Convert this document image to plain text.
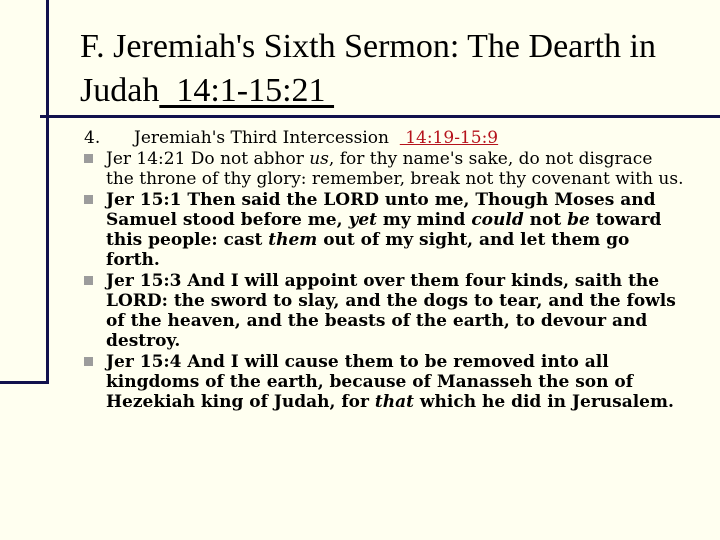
F. Jeremiah's Sixth Sermon: The Dearth in Judah  14:1-15:21
4. Jeremiah's Third Intercession   14:19-15:9
Jer 14:21 Do not abhor us, for thy name's sake, do not disgrace the throne of thy glory: remember, break not thy covenant with us.
Jer 15:1 Then said the LORD unto me, Though Moses and Samuel stood before me, yet my mind could not be toward this people: cast them out of my sight, and let them go forth.
Jer 15:3 And I will appoint over them four kinds, saith the LORD: the sword to slay, and the dogs to tear, and the fowls of the heaven, and the beasts of the earth, to devour and destroy.
Jer 15:4 And I will cause them to be removed into all kingdoms of the earth, because of Manasseh the son of Hezekiah king of Judah, for that which he did in Jerusalem.
